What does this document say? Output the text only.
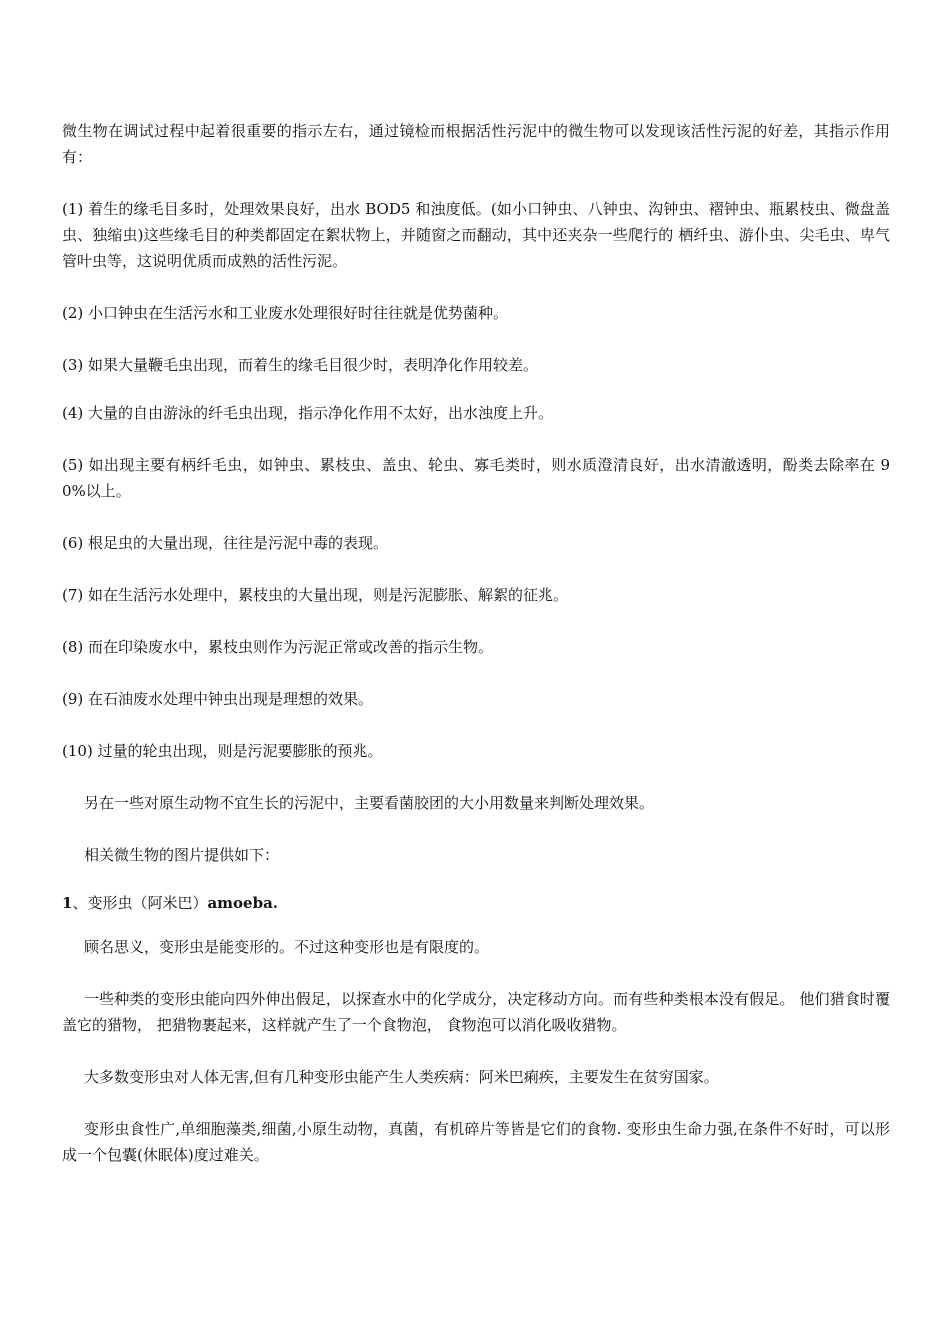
微生物在调试过程中起着很重要的指示左右，通过镜检而根据活性污泥中的微生物可以发现该活性污泥的好差，其指示作用有：

(1) 着生的缘毛目多时，处理效果良好，出水 BOD5 和浊度低。(如小口钟虫、八钟虫、沟钟虫、褶钟虫、瓶累枝虫、微盘盖虫、独缩虫)这些缘毛目的种类都固定在絮状物上，并随窗之而翻动，其中还夹杂一些爬行的 栖纤虫、游仆虫、尖毛虫、卑气管叶虫等，这说明优质而成熟的活性污泥。

(2) 小口钟虫在生活污水和工业废水处理很好时往往就是优势菌种。

(3) 如果大量鞭毛虫出现，而着生的缘毛目很少时，表明净化作用较差。

(4) 大量的自由游泳的纤毛虫出现，指示净化作用不太好，出水浊度上升。

(5) 如出现主要有柄纤毛虫，如钟虫、累枝虫、盖虫、轮虫、寡毛类时，则水质澄清良好，出水清澈透明，酚类去除率在 90%以上。

(6) 根足虫的大量出现，往往是污泥中毒的表现。

(7) 如在生活污水处理中，累枝虫的大量出现，则是污泥膨胀、解絮的征兆。

(8) 而在印染废水中，累枝虫则作为污泥正常或改善的指示生物。

(9) 在石油废水处理中钟虫出现是理想的效果。

(10) 过量的轮虫出现，则是污泥要膨胀的预兆。

另在一些对原生动物不宜生长的污泥中，主要看菌胶团的大小用数量来判断处理效果。

相关微生物的图片提供如下：

1、变形虫（阿米巴）amoeba.

顾名思义，变形虫是能变形的。不过这种变形也是有限度的。

一些种类的变形虫能向四外伸出假足，以探查水中的化学成分，决定移动方向。而有些种类根本没有假足。 他们猎食时覆盖它的猎物， 把猎物裹起来，这样就产生了一个食物泡， 食物泡可以消化吸收猎物。

大多数变形虫对人体无害,但有几种变形虫能产生人类疾病：阿米巴痢疾，主要发生在贫穷国家。

变形虫食性广,单细胞藻类,细菌,小原生动物，真菌，有机碎片等皆是它们的食物. 变形虫生命力强,在条件不好时，可以形成一个包囊(休眠体)度过难关。
